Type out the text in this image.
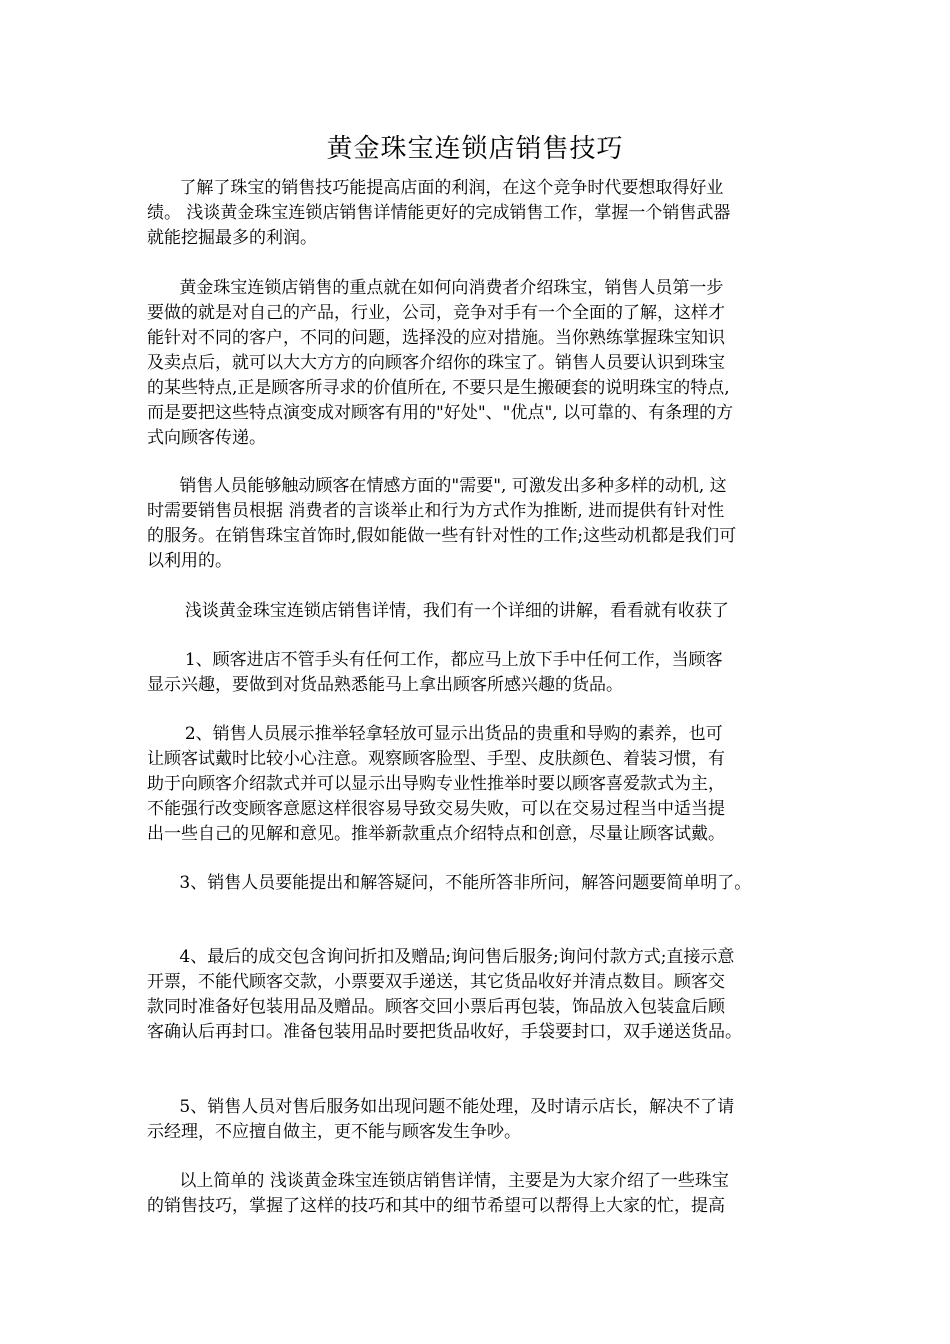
黄金珠宝连锁店销售技巧
了解了珠宝的销售技巧能提高店面的利润，在这个竞争时代要想取得好业
绩。 浅谈黄金珠宝连锁店销售详情能更好的完成销售工作，掌握一个销售武器
就能挖掘最多的利润。
黄金珠宝连锁店销售的重点就在如何向消费者介绍珠宝，销售人员第一步
要做的就是对自己的产品，行业，公司，竞争对手有一个全面的了解，这样才
能针对不同的客户，不同的问题，选择没的应对措施。当你熟练掌握珠宝知识
及卖点后，就可以大大方方的向顾客介绍你的珠宝了。销售人员要认识到珠宝
的某些特点,正是顾客所寻求的价值所在, 不要只是生搬硬套的说明珠宝的特点,
而是要把这些特点演变成对顾客有用的"好处"、"优点", 以可靠的、有条理的方
式向顾客传递。
销售人员能够触动顾客在情感方面的"需要", 可激发出多种多样的动机, 这
时需要销售员根据 消费者的言谈举止和行为方式作为推断, 进而提供有针对性
的服务。在销售珠宝首饰时,假如能做一些有针对性的工作;这些动机都是我们可
以利用的。
浅谈黄金珠宝连锁店销售详情，我们有一个详细的讲解，看看就有收获了
1、顾客进店不管手头有任何工作，都应马上放下手中任何工作，当顾客
显示兴趣，要做到对货品熟悉能马上拿出顾客所感兴趣的货品。
2、销售人员展示推举轻拿轻放可显示出货品的贵重和导购的素养，也可
让顾客试戴时比较小心注意。观察顾客脸型、手型、皮肤颜色、着装习惯，有
助于向顾客介绍款式并可以显示出导购专业性推举时要以顾客喜爱款式为主，
不能强行改变顾客意愿这样很容易导致交易失败，可以在交易过程当中适当提
出一些自己的见解和意见。推举新款重点介绍特点和创意，尽量让顾客试戴。
3、销售人员要能提出和解答疑问，不能所答非所问，解答问题要简单明了。
4、最后的成交包含询问折扣及赠品;询问售后服务;询问付款方式;直接示意
开票，不能代顾客交款，小票要双手递送，其它货品收好并清点数目。顾客交
款同时准备好包装用品及赠品。顾客交回小票后再包装，饰品放入包装盒后顾
客确认后再封口。准备包装用品时要把货品收好，手袋要封口，双手递送货品。
5、销售人员对售后服务如出现问题不能处理，及时请示店长，解决不了请
示经理，不应擅自做主，更不能与顾客发生争吵。
以上简单的 浅谈黄金珠宝连锁店销售详情，主要是为大家介绍了一些珠宝
的销售技巧，掌握了这样的技巧和其中的细节希望可以帮得上大家的忙，提高
